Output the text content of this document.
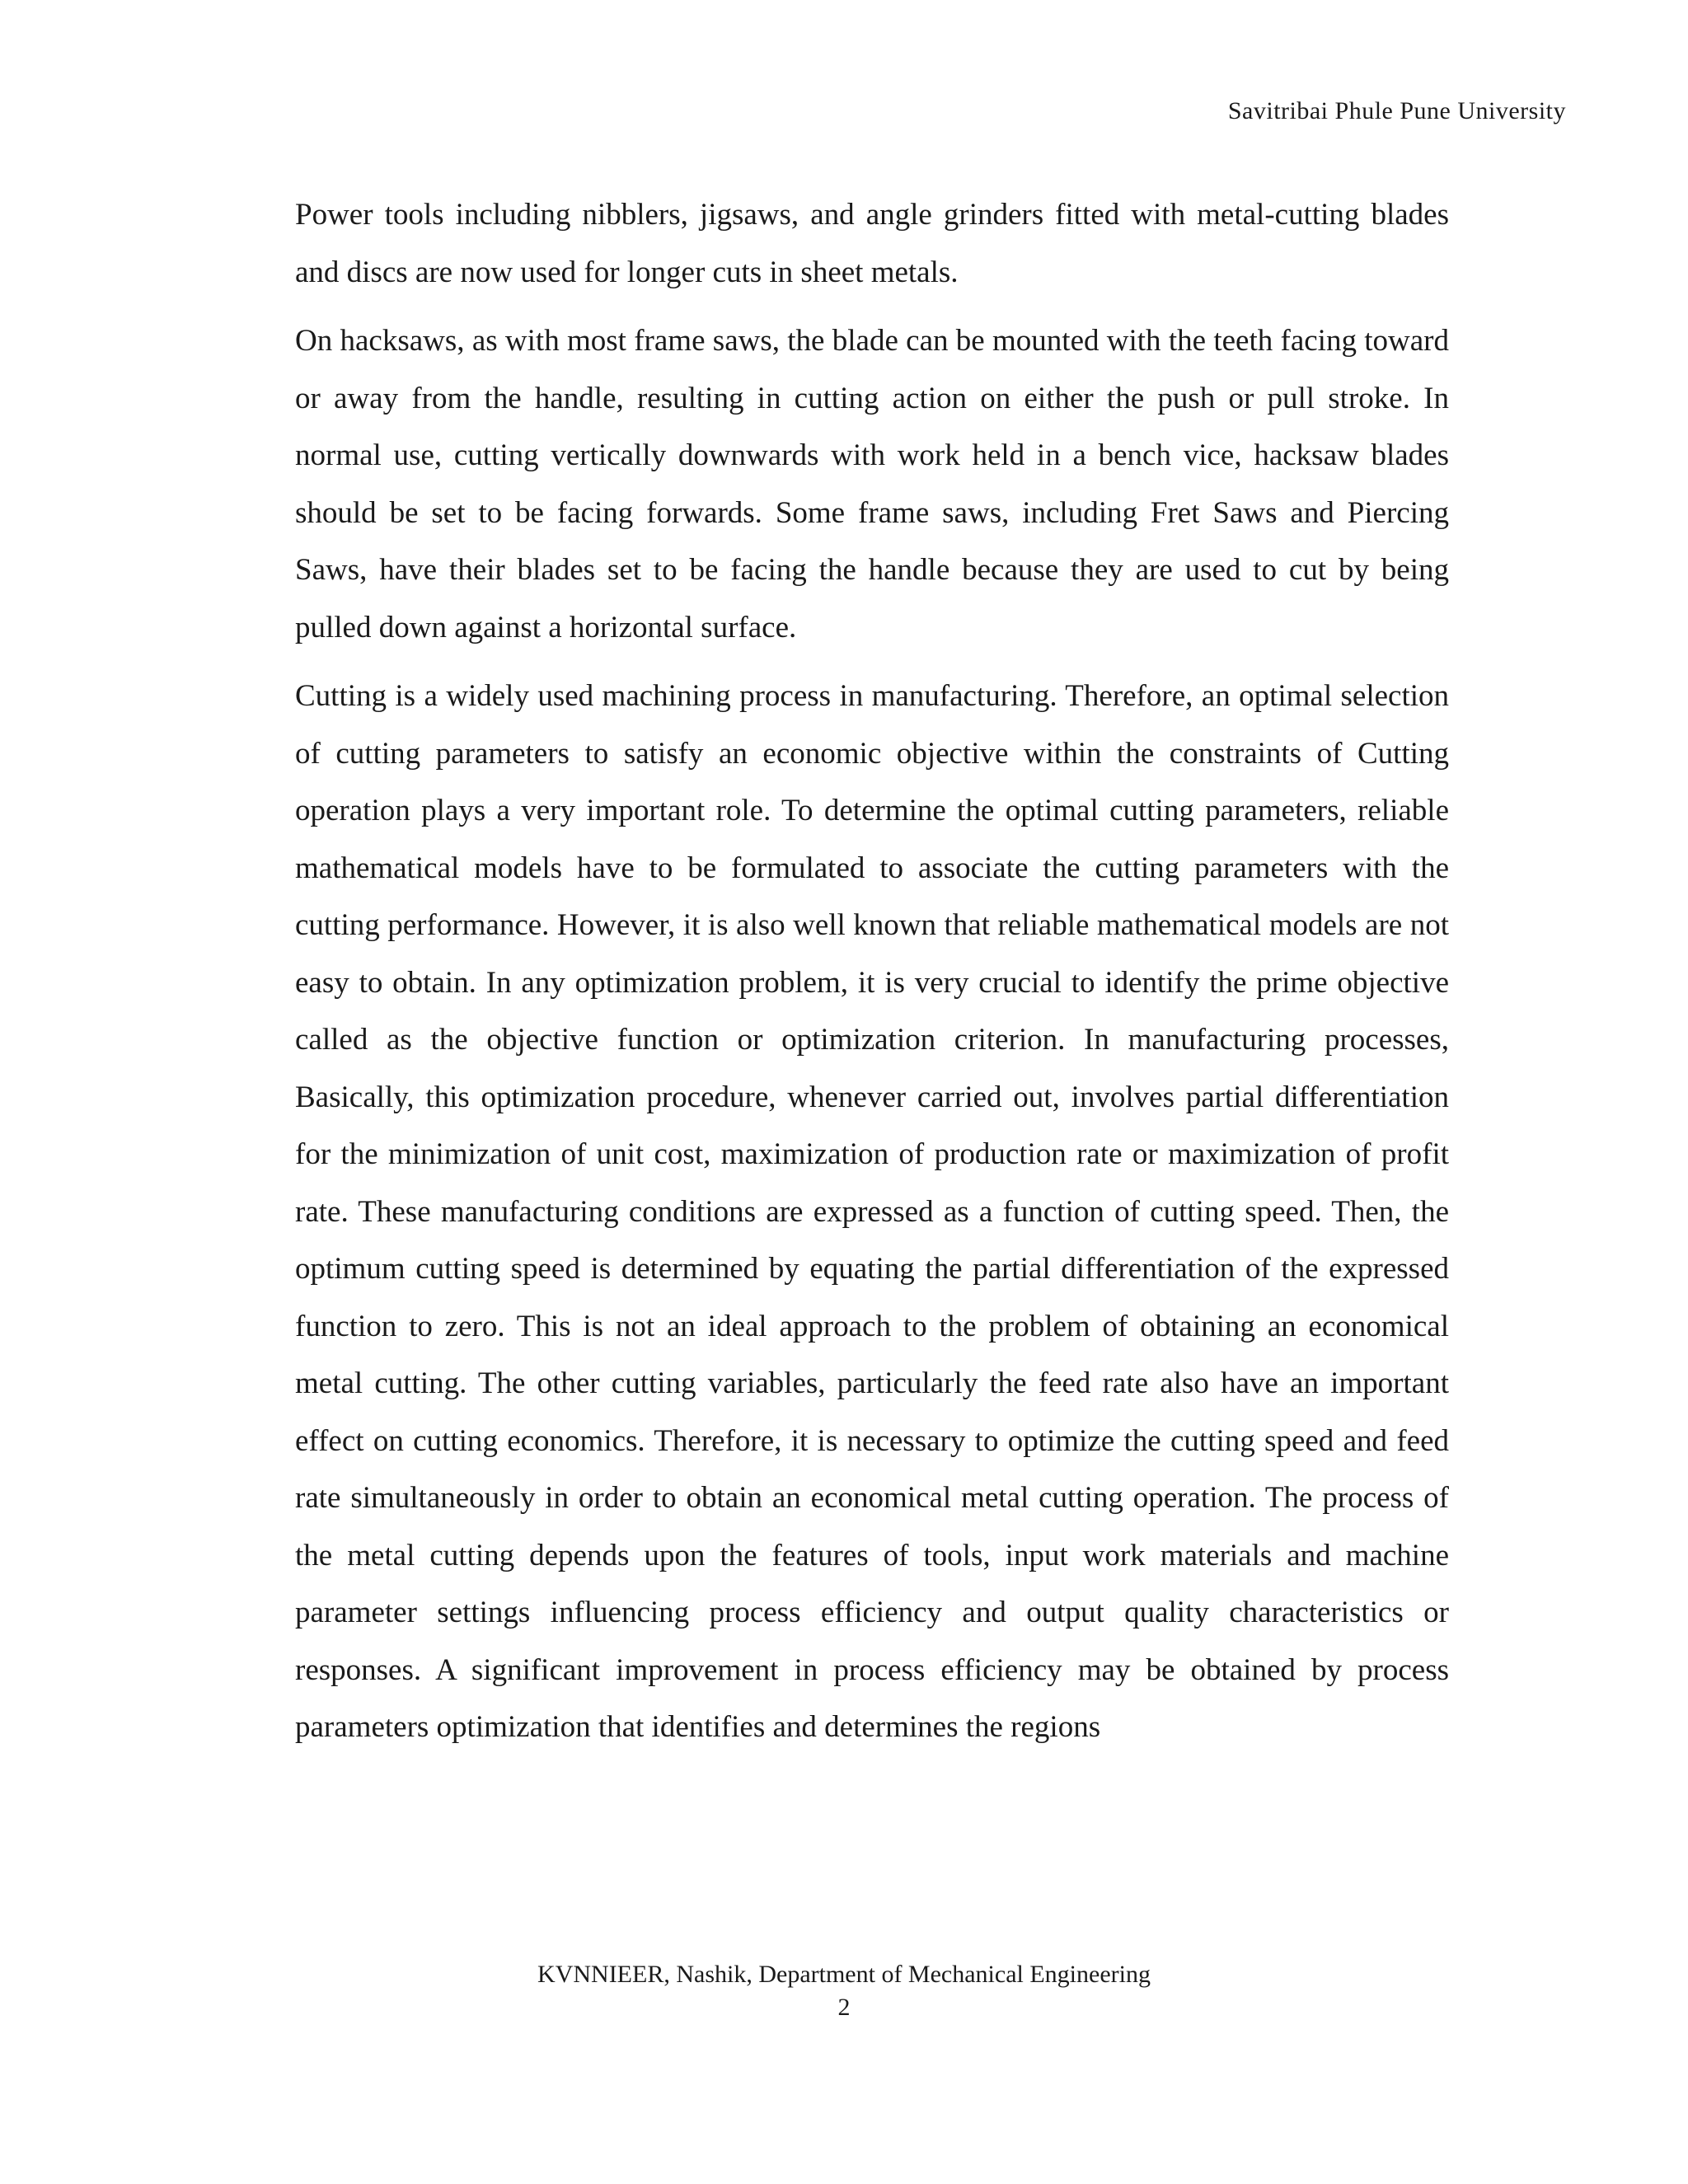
Savitribai Phule Pune University

Power tools including nibblers, jigsaws, and angle grinders fitted with metal-cutting blades and discs are now used for longer cuts in sheet metals.

On hacksaws, as with most frame saws, the blade can be mounted with the teeth facing toward or away from the handle, resulting in cutting action on either the push or pull stroke. In normal use, cutting vertically downwards with work held in a bench vice, hacksaw blades should be set to be facing forwards. Some frame saws, including Fret Saws and Piercing Saws, have their blades set to be facing the handle because they are used to cut by being pulled down against a horizontal surface.

Cutting is a widely used machining process in manufacturing. Therefore, an optimal selection of cutting parameters to satisfy an economic objective within the constraints of Cutting operation plays a very important role. To determine the optimal cutting parameters, reliable mathematical models have to be formulated to associate the cutting parameters with the cutting performance. However, it is also well known that reliable mathematical models are not easy to obtain. In any optimization problem, it is very crucial to identify the prime objective called as the objective function or optimization criterion. In manufacturing processes, Basically, this optimization procedure, whenever carried out, involves partial differentiation for the minimization of unit cost, maximization of production rate or maximization of profit rate. These manufacturing conditions are expressed as a function of cutting speed. Then, the optimum cutting speed is determined by equating the partial differentiation of the expressed function to zero. This is not an ideal approach to the problem of obtaining an economical metal cutting. The other cutting variables, particularly the feed rate also have an important effect on cutting economics. Therefore, it is necessary to optimize the cutting speed and feed rate simultaneously in order to obtain an economical metal cutting operation. The process of the metal cutting depends upon the features of tools, input work materials and machine parameter settings influencing process efficiency and output quality characteristics or responses. A significant improvement in process efficiency may be obtained by process parameters optimization that identifies and determines the regions

KVNNIEER, Nashik, Department of Mechanical Engineering
2
